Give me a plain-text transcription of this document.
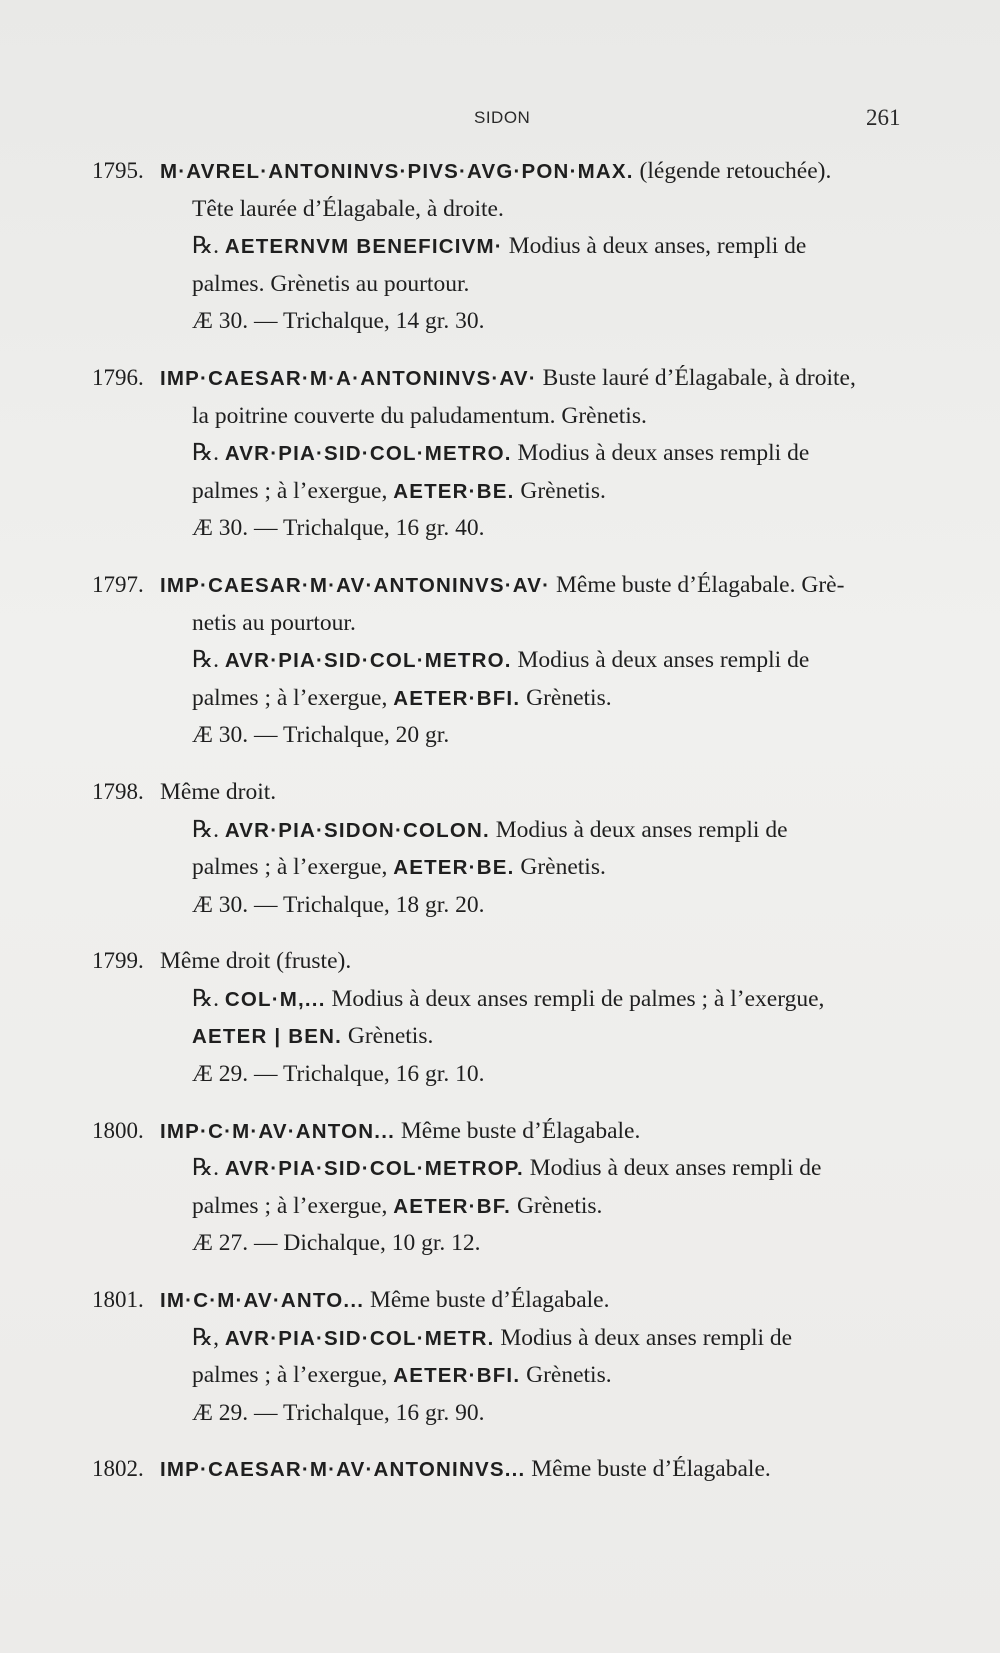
SIDON	261
1795. M·AVREL·ANTONINVS·PIVS·AVG·PON·MAX. (légende retouchée).
Tête laurée d’Élagabale, à droite.
℞. AETERNVM BENEFICIVM· Modius à deux anses, rempli de
palmes. Grènetis au pourtour.
Æ 30. — Trichalque, 14 gr. 30.
1796. IMP·CAESAR·M·A·ANTONINVS·AV· Buste lauré d’Élagabale, à droite,
la poitrine couverte du paludamentum. Grènetis.
℞. AVR·PIA·SID·COL·METRO. Modius à deux anses rempli de
palmes ; à l’exergue, AETER·BE. Grènetis.
Æ 30. — Trichalque, 16 gr. 40.
1797. IMP·CAESAR·M·AV·ANTONINVS·AV· Même buste d’Élagabale. Grè-
netis au pourtour.
℞. AVR·PIA·SID·COL·METRO. Modius à deux anses rempli de
palmes ; à l’exergue, AETER·BFI. Grènetis.
Æ 30. — Trichalque, 20 gr.
1798. Même droit.
℞. AVR·PIA·SIDON·COLON. Modius à deux anses rempli de
palmes ; à l’exergue, AETER·BE. Grènetis.
Æ 30. — Trichalque, 18 gr. 20.
1799. Même droit (fruste).
℞. COL·M,... Modius à deux anses rempli de palmes ; à l’exergue,
AETER | BEN. Grènetis.
Æ 29. — Trichalque, 16 gr. 10.
1800. IMP·C·M·AV·ANTON... Même buste d’Élagabale.
℞. AVR·PIA·SID·COL·METROP. Modius à deux anses rempli de
palmes ; à l’exergue, AETER·BF. Grènetis.
Æ 27. — Dichalque, 10 gr. 12.
1801. IM·C·M·AV·ANTO... Même buste d’Élagabale.
℞, AVR·PIA·SID·COL·METR. Modius à deux anses rempli de
palmes ; à l’exergue, AETER·BFI. Grènetis.
Æ 29. — Trichalque, 16 gr. 90.
1802. IMP·CAESAR·M·AV·ANTONINVS... Même buste d’Élagabale.
